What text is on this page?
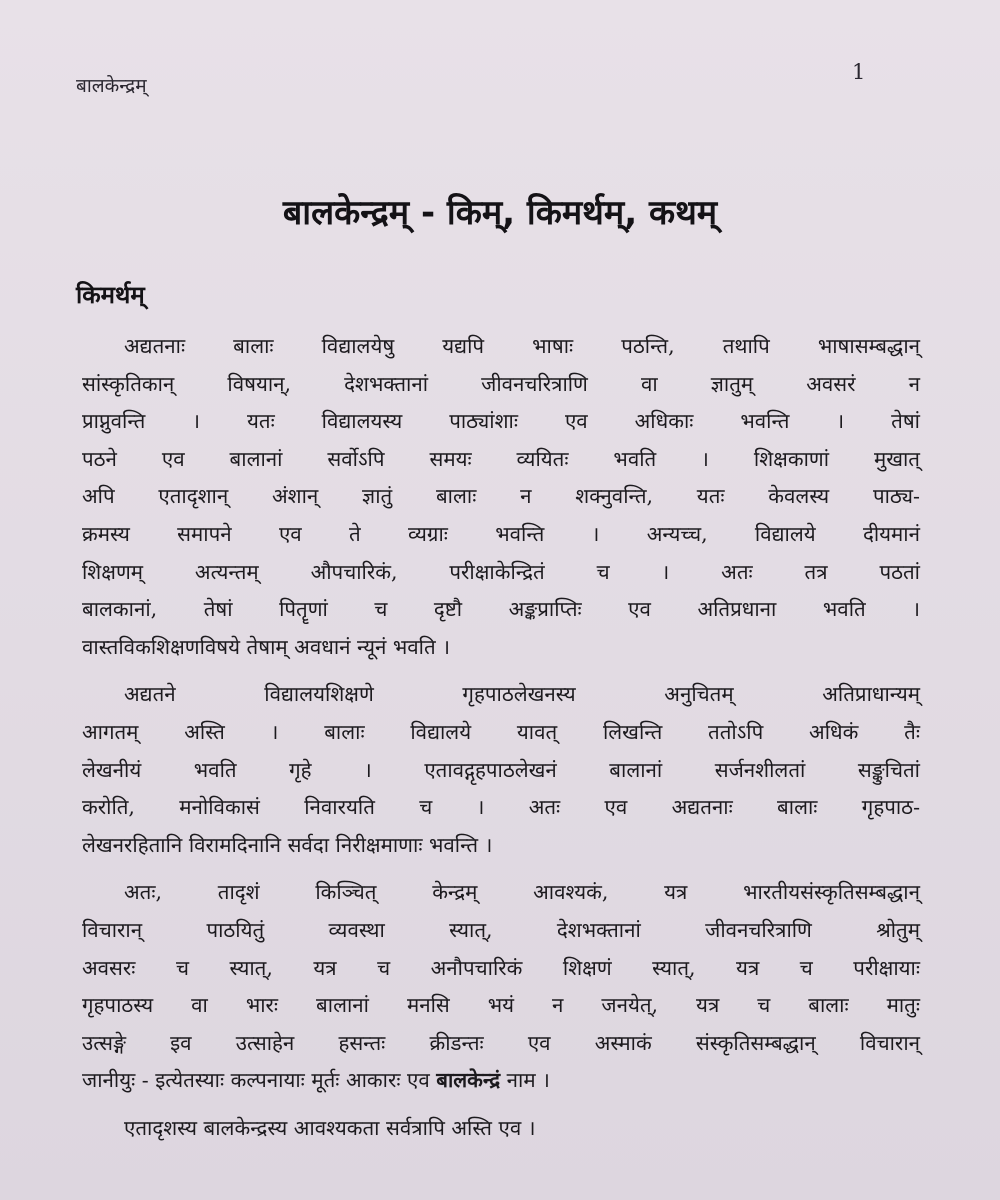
बालकेन्द्रम्
1
बालकेन्द्रम् - किम्, किमर्थम्, कथम्
किमर्थम्

अद्यतनाः बालाः विद्यालयेषु यद्यपि भाषाः पठन्ति, तथापि भाषासम्बद्धान्
सांस्कृतिकान् विषयान्, देशभक्तानां जीवनचरित्राणि वा ज्ञातुम् अवसरं न
प्राप्नुवन्ति । यतः विद्यालयस्य पाठ्यांशाः एव अधिकाः भवन्ति । तेषां
पठने एव बालानां सर्वोऽपि समयः व्ययितः भवति । शिक्षकाणां मुखात्
अपि एतादृशान् अंशान् ज्ञातुं बालाः न शक्नुवन्ति, यतः केवलस्य पाठ्य-
क्रमस्य समापने एव ते व्यग्राः भवन्ति । अन्यच्च, विद्यालये दीयमानं
शिक्षणम् अत्यन्तम् औपचारिकं, परीक्षाकेन्द्रितं च । अतः तत्र पठतां
बालकानां, तेषां पितॄणां च दृष्टौ अङ्कप्राप्तिः एव अतिप्रधाना भवति ।
वास्तविकशिक्षणविषये तेषाम् अवधानं न्यूनं भवति ।

अद्यतने विद्यालयशिक्षणे गृहपाठलेखनस्य अनुचितम् अतिप्राधान्यम्
आगतम् अस्ति । बालाः विद्यालये यावत् लिखन्ति ततोऽपि अधिकं तैः
लेखनीयं भवति गृहे । एतावद्गृहपाठलेखनं बालानां सर्जनशीलतां सङ्कुचितां
करोति, मनोविकासं निवारयति च । अतः एव अद्यतनाः बालाः गृहपाठ-
लेखनरहितानि विरामदिनानि सर्वदा निरीक्षमाणाः भवन्ति ।

अतः, तादृशं किञ्चित् केन्द्रम् आवश्यकं, यत्र भारतीयसंस्कृतिसम्बद्धान्
विचारान् पाठयितुं व्यवस्था स्यात्, देशभक्तानां जीवनचरित्राणि श्रोतुम्
अवसरः च स्यात्, यत्र च अनौपचारिकं शिक्षणं स्यात्, यत्र च परीक्षायाः
गृहपाठस्य वा भारः बालानां मनसि भयं न जनयेत्, यत्र च बालाः मातुः
उत्सङ्गे इव उत्साहेन हसन्तः क्रीडन्तः एव अस्माकं संस्कृतिसम्बद्धान् विचारान्
जानीयुः - इत्येतस्याः कल्पनायाः मूर्तः आकारः एव बालकेन्द्रं नाम ।

एतादृशस्य बालकेन्द्रस्य आवश्यकता सर्वत्रापि अस्ति एव ।
